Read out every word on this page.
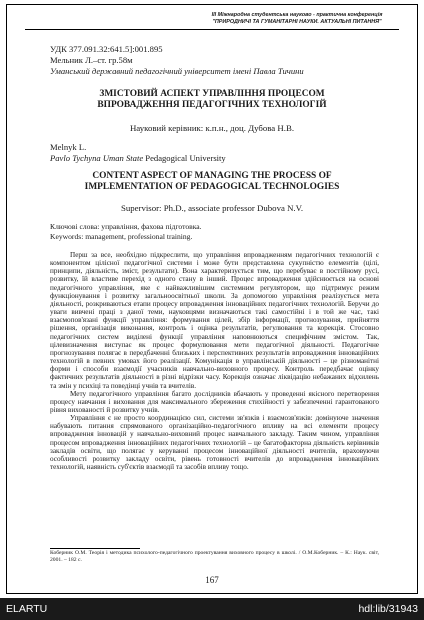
III Міжнародна студентська науково - практична конференція
"ПРИРОДНИЧІ ТА ГУМАНІТАРНІ НАУКИ. АКТУАЛЬНІ ПИТАННЯ"
УДК 377.091.32:641.5]:001.895
Мельник Л.–ст. гр.58м
Уманський державний педагогічний університет імені Павла Тичини
ЗМІСТОВИЙ АСПЕКТ УПРАВЛІННЯ ПРОЦЕСОМ
ВПРОВАДЖЕННЯ ПЕДАГОГІЧНИХ ТЕХНОЛОГІЙ
Науковий керівник: к.п.н., доц. Дубова Н.В.
Melnyk L.
Pavlo Tychyna Uman State Pedagogical University
CONTENT ASPECT OF MANAGING THE PROCESS OF
IMPLEMENTATION OF PEDAGOGICAL TECHNOLOGIES
Supervisor: Ph.D., associate professor Dubova N.V.
Ключові слова: управління, фахова підготовка.
Keywords: management, professional training.

Перш за все, необхідно підкреслити, що управління впровадженням педагогічних технологій є компонентом цілісної педагогічної системи і може бути представлена сукупністю елементів (цілі, принципи, діяльність, зміст, результати). Вона характеризується тим, що перебуває в постійному русі, розвитку, їй властиве перехід з одного стану в інший. Процес впровадження здійснюється на основі педагогічного управління, яке є найважливішим системним регулятором, що підтримує режим функціонування і розвитку загальноосвітньої школи. За допомогою управління реалізується мета діяльності, розкриваються етапи процесу впровадження інноваційних педагогічних технологій. Беручи до уваги вивчені праці з даної теми, науковцями визначаються такі самостійні і в той же час, такі взаємопов'язані функції управління: формування цілей, збір інформації, прогнозування, прийняття рішення, організація виконання, контроль і оцінка результатів, регулювання та корекція. Стосовно педагогічних систем виділені функції управління наповнюються специфічним змістом. Так, цілевизначення виступає як процес формулювання мети педагогічної діяльності. Педагогічне прогнозування полягає в передбаченні близьких і перспективних результатів впровадження інноваційних технологій в певних умовах його реалізації. Комунікація в управлінській діяльності – це різноманітні форми і способи взаємодії учасників навчально-виховного процесу. Контроль передбачає оцінку фактичних результатів діяльності в різні відрізки часу. Корекція означає ліквідацію небажаних відхилень та змін у психіці та поведінці учнів та вчителів.

Мету педагогічного управління багато дослідників вбачають у проведенні якісного перетворення процесу навчання і виховання для максимального збереження стихійності у забезпеченні гарантованого рівня вихованості й розвитку учнів.

Управління є не просто координацією сил, системи зв'язків і взаємозв'язків: домінуюче значення набувають питання спрямованого організаційно-педагогічного впливу на всі елементи процесу впровадження інновацій у навчально-виховний процес навчального закладу. Таким чином, управління процесом впровадження інноваційних педагогічних технологій – це багатофакторна діяльність керівників закладів освіти, що полягає у керуванні процесом інноваційної діяльності вчителів, враховуючи особливості розвитку закладу освіти, рівень готовності вчителів до впровадження інноваційних технологій, наявність суб'єктів взаємодії та засобів впливу тощо.

Коберник О.М. Теорія і методика психолого-педагогічного проектування виховного процесу в школі. / О.М.Коберник. – К.: Наук. світ, 2001. – 182 с.
167
ELARTU	hdl:lib/31943
